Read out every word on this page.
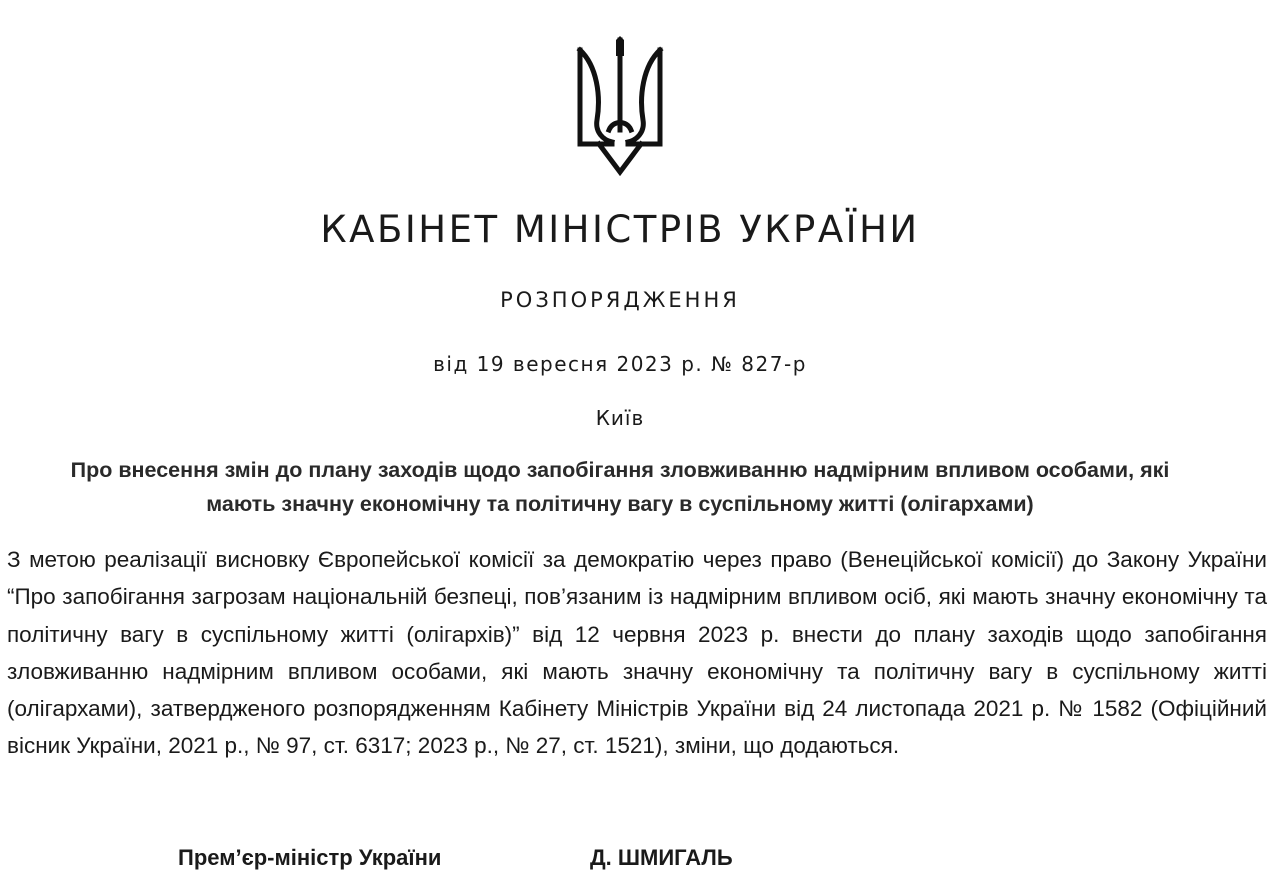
КАБІНЕТ МІНІСТРІВ УКРАЇНИ
РОЗПОРЯДЖЕННЯ
від 19 вересня 2023 р. № 827-р
Київ
Про внесення змін до плану заходів щодо запобігання зловживанню надмірним впливом особами, які
мають значну економічну та політичну вагу в суспільному житті (олігархами)
З метою реалізації висновку Європейської комісії за демократію через право (Венеційської комісії) до Закону України “Про запобігання загрозам національній безпеці, пов’язаним із надмірним впливом осіб, які мають значну економічну та політичну вагу в суспільному житті (олігархів)” від 12 червня 2023 р. внести до плану заходів щодо запобігання зловживанню надмірним впливом особами, які мають значну економічну та політичну вагу в суспільному житті (олігархами), затвердженого розпорядженням Кабінету Міністрів України від 24 листопада 2021 р. № 1582 (Офіційний вісник України, 2021 р., № 97, ст. 6317; 2023 р., № 27, ст. 1521), зміни, що додаються.
Прем’єр-міністр України	Д. ШМИГАЛЬ
